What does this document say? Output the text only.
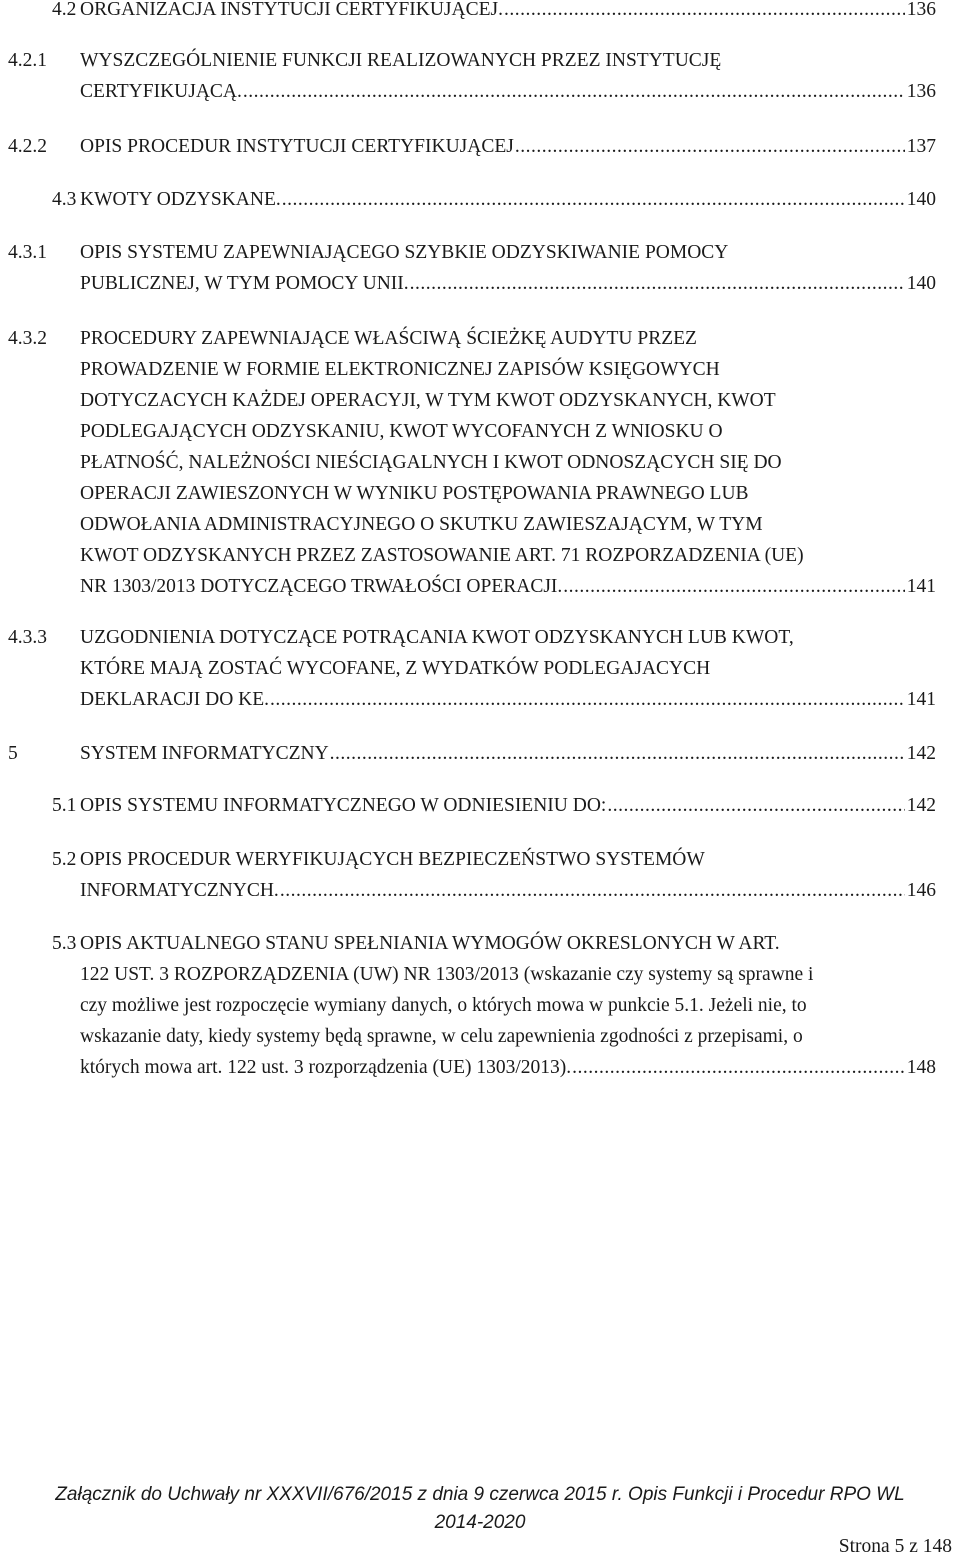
4.2 ORGANIZACJA INSTYTUCJI CERTYFIKUJĄCEJ. .....	136
4.2.1 WYSZCZEGÓLNIENIE FUNKCJI REALIZOWANYCH PRZEZ INSTYTUCJĘ
CERTYFIKUJĄCĄ. .....	136
4.2.2 OPIS PROCEDUR INSTYTUCJI CERTYFIKUJĄCEJ .....	137
4.3 KWOTY ODZYSKANE. .....	140
4.3.1 OPIS SYSTEMU ZAPEWNIAJĄCEGO SZYBKIE ODZYSKIWANIE POMOCY
PUBLICZNEJ, W TYM POMOCY UNII. .....	140
4.3.2 PROCEDURY ZAPEWNIAJĄCE WŁAŚCIWĄ ŚCIEŻKĘ AUDYTU PRZEZ
PROWADZENIE W FORMIE ELEKTRONICZNEJ ZAPISÓW KSIĘGOWYCH
DOTYCZACYCH KAŻDEJ OPERACYJI, W TYM KWOT ODZYSKANYCH, KWOT
PODLEGAJĄCYCH ODZYSKANIU, KWOT WYCOFANYCH Z WNIOSKU O
PŁATNOŚĆ, NALEŻNOŚCI NIEŚCIĄGALNYCH I KWOT ODNOSZĄCYCH SIĘ DO
OPERACJI ZAWIESZONYCH W WYNIKU POSTĘPOWANIA PRAWNEGO LUB
ODWOŁANIA ADMINISTRACYJNEGO O SKUTKU ZAWIESZAJĄCYM, W TYM
KWOT ODZYSKANYCH PRZEZ ZASTOSOWANIE ART. 71 ROZPORZADZENIA (UE)
NR 1303/2013 DOTYCZĄCEGO TRWAŁOŚCI OPERACJI. .....	141
4.3.3 UZGODNIENIA DOTYCZĄCE POTRĄCANIA KWOT ODZYSKANYCH LUB KWOT,
KTÓRE MAJĄ ZOSTAĆ WYCOFANE, Z WYDATKÓW PODLEGAJACYCH
DEKLARACJI DO KE. .....	141
5	SYSTEM INFORMATYCZNY .....	142
5.1 OPIS SYSTEMU INFORMATYCZNEGO W ODNIESIENIU DO: .....	142
5.2 OPIS PROCEDUR WERYFIKUJĄCYCH BEZPIECZEŃSTWO SYSTEMÓW
INFORMATYCZNYCH. .....	146
5.3 OPIS AKTUALNEGO STANU SPEŁNIANIA WYMOGÓW OKRESLONYCH W ART.
122 UST. 3 ROZPORZĄDZENIA (UW) NR 1303/2013 (wskazanie czy systemy są sprawne i
czy możliwe jest rozpoczęcie wymiany danych, o których mowa w punkcie 5.1. Jeżeli nie, to
wskazanie daty, kiedy systemy będą sprawne, w celu zapewnienia zgodności z przepisami, o
których mowa art. 122 ust. 3 rozporządzenia (UE) 1303/2013). .....	148
Załącznik do Uchwały nr XXXVII/676/2015 z dnia 9 czerwca 2015 r. Opis Funkcji i Procedur RPO WL
2014-2020
Strona 5 z 148
